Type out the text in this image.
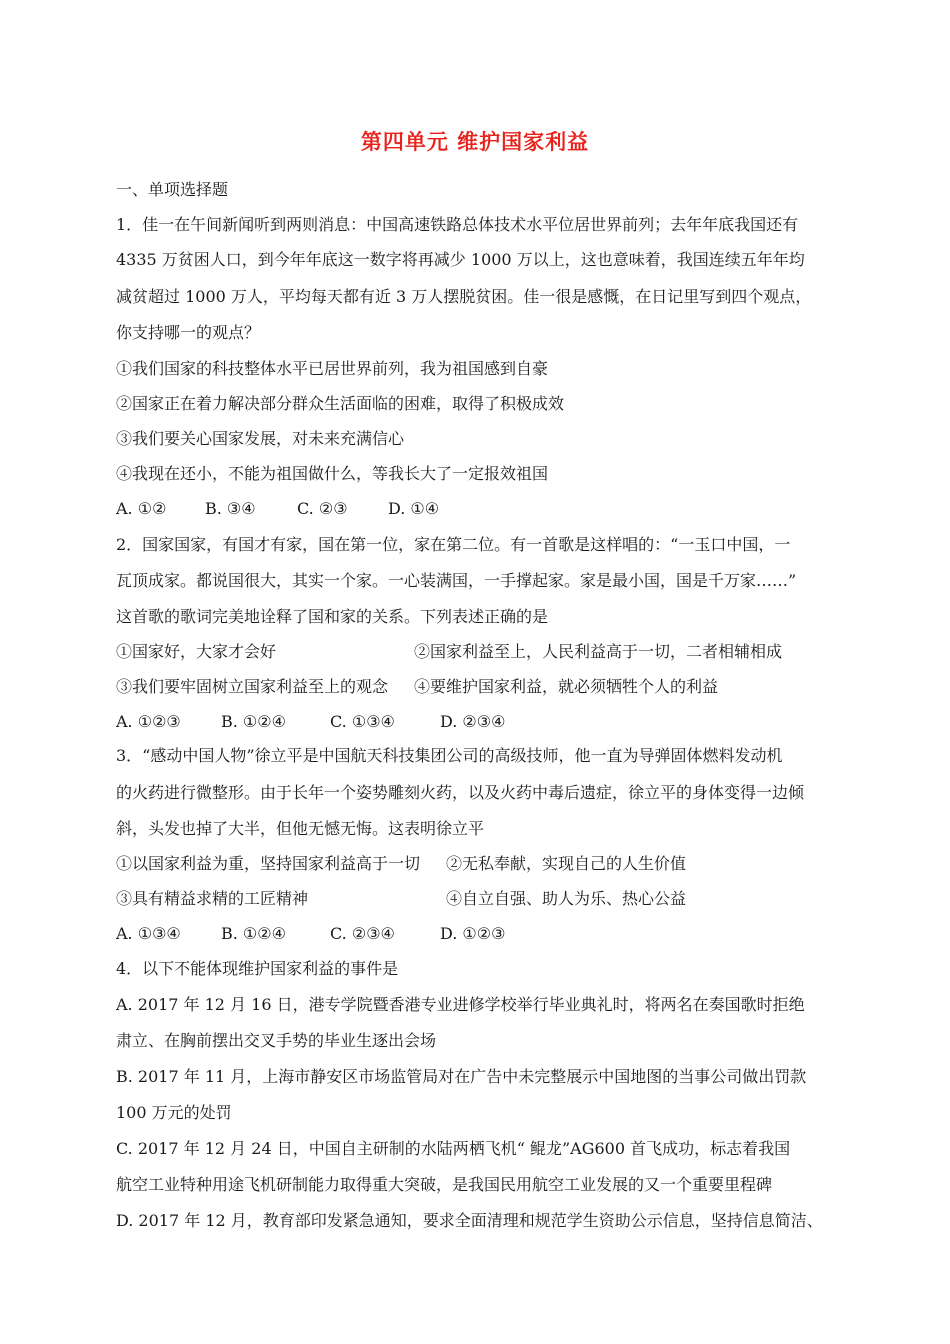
第四单元 维护国家利益
一、单项选择题
1．佳一在午间新闻听到两则消息：中国高速铁路总体技术水平位居世界前列；去年年底我国还有
4335 万贫困人口，到今年年底这一数字将再减少 1000 万以上，这也意味着，我国连续五年年均
减贫超过 1000 万人，平均每天都有近 3 万人摆脱贫困。佳一很是感慨，在日记里写到四个观点，
你支持哪一的观点？
①我们国家的科技整体水平已居世界前列，我为祖国感到自豪
②国家正在着力解决部分群众生活面临的困难，取得了积极成效
③我们要关心国家发展，对未来充满信心
④我现在还小，不能为祖国做什么，等我长大了一定报效祖国
A. ①② B. ③④	C. ②③	D. ①④
2．国家国家，有国才有家，国在第一位，家在第二位。有一首歌是这样唱的：“一玉口中国，一
瓦顶成家。都说国很大，其实一个家。一心装满国，一手撑起家。家是最小国，国是千万家……”
这首歌的歌词完美地诠释了国和家的关系。下列表述正确的是
①国家好，大家才会好	②国家利益至上，人民利益高于一切，二者相辅相成
③我们要牢固树立国家利益至上的观念 ④要维护国家利益，就必须牺牲个人的利益
A. ①②③	B. ①②④	C. ①③④	D. ②③④
3．“感动中国人物”徐立平是中国航天科技集团公司的高级技师，他一直为导弹固体燃料发动机
的火药进行微整形。由于长年一个姿势雕刻火药，以及火药中毒后遗症，徐立平的身体变得一边倾
斜，头发也掉了大半，但他无憾无悔。这表明徐立平
①以国家利益为重，坚持国家利益高于一切 ②无私奉献，实现自己的人生价值
③具有精益求精的工匠精神	④自立自强、助人为乐、热心公益
A. ①③④	B. ①②④	C. ②③④	D. ①②③
4．以下不能体现维护国家利益的事件是
A. 2017 年 12 月 16 日，港专学院暨香港专业进修学校举行毕业典礼时，将两名在奏国歌时拒绝
肃立、在胸前摆出交叉手势的毕业生逐出会场
B. 2017 年 11 月，上海市静安区市场监管局对在广告中未完整展示中国地图的当事公司做出罚款
100 万元的处罚
C. 2017 年 12 月 24 日，中国自主研制的水陆两栖飞机“ 鲲龙”AG600 首飞成功，标志着我国
航空工业特种用途飞机研制能力取得重大突破，是我国民用航空工业发展的又一个重要里程碑
D. 2017 年 12 月，教育部印发紧急通知，要求全面清理和规范学生资助公示信息，坚持信息简洁、
